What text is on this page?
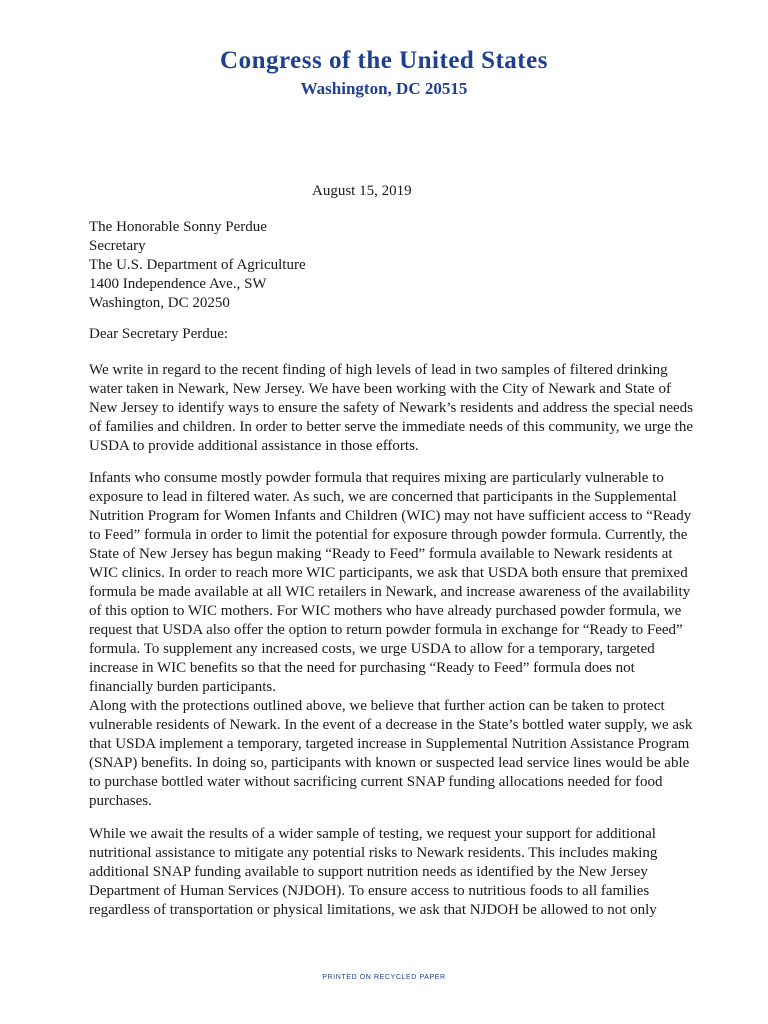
Congress of the United States
Washington, DC 20515
August 15, 2019
The Honorable Sonny Perdue
Secretary
The U.S. Department of Agriculture
1400 Independence Ave., SW
Washington, DC 20250
Dear Secretary Perdue:
We write in regard to the recent finding of high levels of lead in two samples of filtered drinking water taken in Newark, New Jersey. We have been working with the City of Newark and State of New Jersey to identify ways to ensure the safety of Newark’s residents and address the special needs of families and children. In order to better serve the immediate needs of this community, we urge the USDA to provide additional assistance in those efforts.
Infants who consume mostly powder formula that requires mixing are particularly vulnerable to exposure to lead in filtered water. As such, we are concerned that participants in the Supplemental Nutrition Program for Women Infants and Children (WIC) may not have sufficient access to “Ready to Feed” formula in order to limit the potential for exposure through powder formula. Currently, the State of New Jersey has begun making “Ready to Feed” formula available to Newark residents at WIC clinics. In order to reach more WIC participants, we ask that USDA both ensure that premixed formula be made available at all WIC retailers in Newark, and increase awareness of the availability of this option to WIC mothers. For WIC mothers who have already purchased powder formula, we request that USDA also offer the option to return powder formula in exchange for “Ready to Feed” formula. To supplement any increased costs, we urge USDA to allow for a temporary, targeted increase in WIC benefits so that the need for purchasing “Ready to Feed” formula does not financially burden participants.
Along with the protections outlined above, we believe that further action can be taken to protect vulnerable residents of Newark. In the event of a decrease in the State’s bottled water supply, we ask that USDA implement a temporary, targeted increase in Supplemental Nutrition Assistance Program (SNAP) benefits. In doing so, participants with known or suspected lead service lines would be able to purchase bottled water without sacrificing current SNAP funding allocations needed for food purchases.
While we await the results of a wider sample of testing, we request your support for additional nutritional assistance to mitigate any potential risks to Newark residents. This includes making additional SNAP funding available to support nutrition needs as identified by the New Jersey Department of Human Services (NJDOH). To ensure access to nutritious foods to all families regardless of transportation or physical limitations, we ask that NJDOH be allowed to not only
PRINTED ON RECYCLED PAPER
